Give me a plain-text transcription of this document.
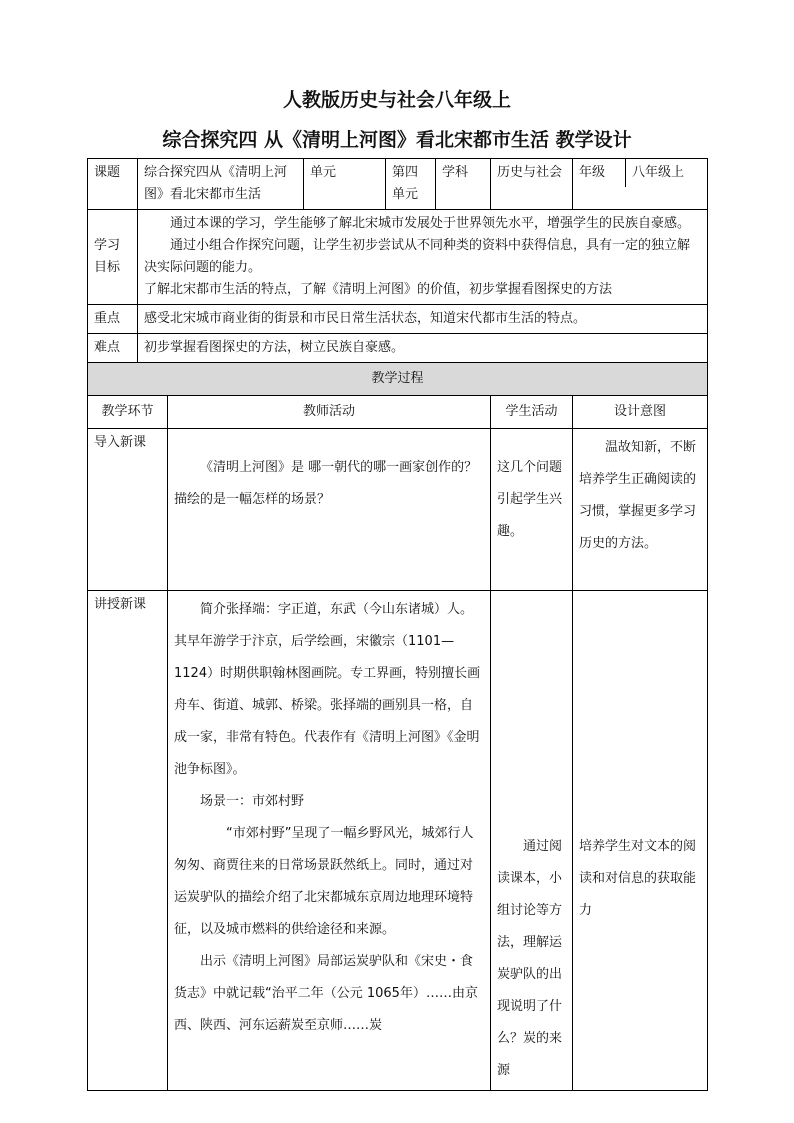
人教版历史与社会八年级上
综合探究四 从《清明上河图》看北宋都市生活 教学设计
课题	综合探究四从《清明上河图》看北宋都市生活		单元	第四单元	学科	历史与社会	年级 八年级上

学习目标	通过本课的学习，学生能够了解北宋城市发展处于世界领先水平，增强学生的民族自豪感。

通过小组合作探究问题，让学生初步尝试从不同种类的资料中获得信息，具有一定的独立解决实际问题的能力。

了解北宋都市生活的特点，了解《清明上河图》的价值，初步掌握看图探史的方法						

重点	感受北宋城市商业街的街景和市民日常生活状态，知道宋代都市生活的特点。						
难点	初步掌握看图探史的方法，树立民族自豪感。						
教学过程							
教学环节		教师活动				学生活动	设计意图
导入新课		《清明上河图》是 哪一朝代的哪一画家创作的？描绘的是一幅怎样的场景？				这几个问题引起学生兴趣。	温故知新，不断培养学生正确阅读的习惯，掌握更多学习历史的方法。
讲授新课		简介张择端：字正道，东武（今山东诸城）人。其早年游学于汴京，后学绘画，宋徽宗（1101—1124）时期供职翰林图画院。专工界画，特别擅长画舟车、街道、城郭、桥梁。张择端的画别具一格，自成一家，非常有特色。代表作有《清明上河图》《金明池争标图》。

场景一：市郊村野

“市郊村野”呈现了一幅乡野风光，城郊行人匆匆、商贾往来的日常场景跃然纸上。同时，通过对运炭驴队的描绘介绍了北宋都城东京周边地理环境特征，以及城市燃料的供给途径和来源。

出示《清明上河图》局部运炭驴队和《宋史・食货志》中就记载“治平二年（公元 1065年）……由京西、陕西、河东运薪炭至京师……炭				通过阅读课本，小组讨论等方法，理解运炭驴队的出现说明了什么？炭的来源	培养学生对文本的阅读和对信息的获取能力
